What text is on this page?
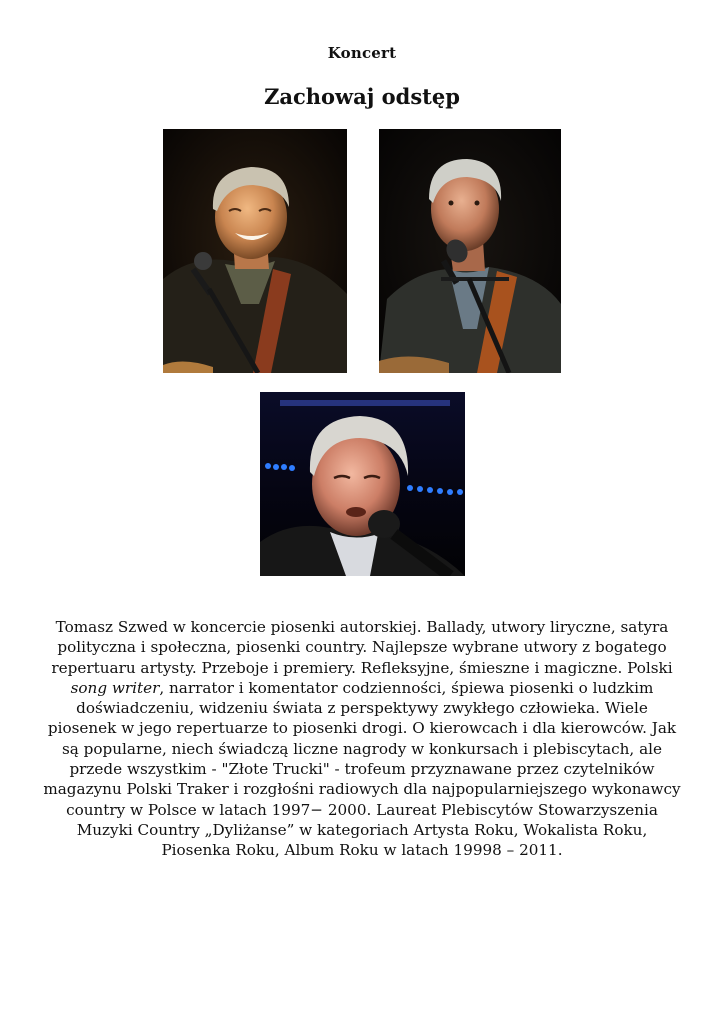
Koncert
Zachowaj odstęp
Tomasz Szwed w koncercie piosenki autorskiej. Ballady, utwory liryczne, satyra polityczna i społeczna, piosenki country. Najlepsze wybrane utwory z bogatego repertuaru artysty. Przeboje i premiery. Refleksyjne, śmieszne i magiczne. Polski song writer, narrator i komentator codzienności, śpiewa piosenki o ludzkim doświadczeniu, widzeniu świata z perspektywy zwykłego człowieka. Wiele piosenek w jego repertuarze to piosenki drogi. O kierowcach i dla kierowców. Jak są popularne, niech świadczą liczne nagrody w konkursach i plebiscytach, ale przede wszystkim - "Złote Trucki" - trofeum przyznawane przez czytelników magazynu Polski Traker i rozgłośni radiowych dla najpopularniejszego wykonawcy country w Polsce w latach 1997− 2000. Laureat Plebiscytów Stowarzyszenia Muzyki Country „Dyliżanse” w kategoriach Artysta Roku, Wokalista Roku, Piosenka Roku, Album Roku w latach 19998 – 2011.
